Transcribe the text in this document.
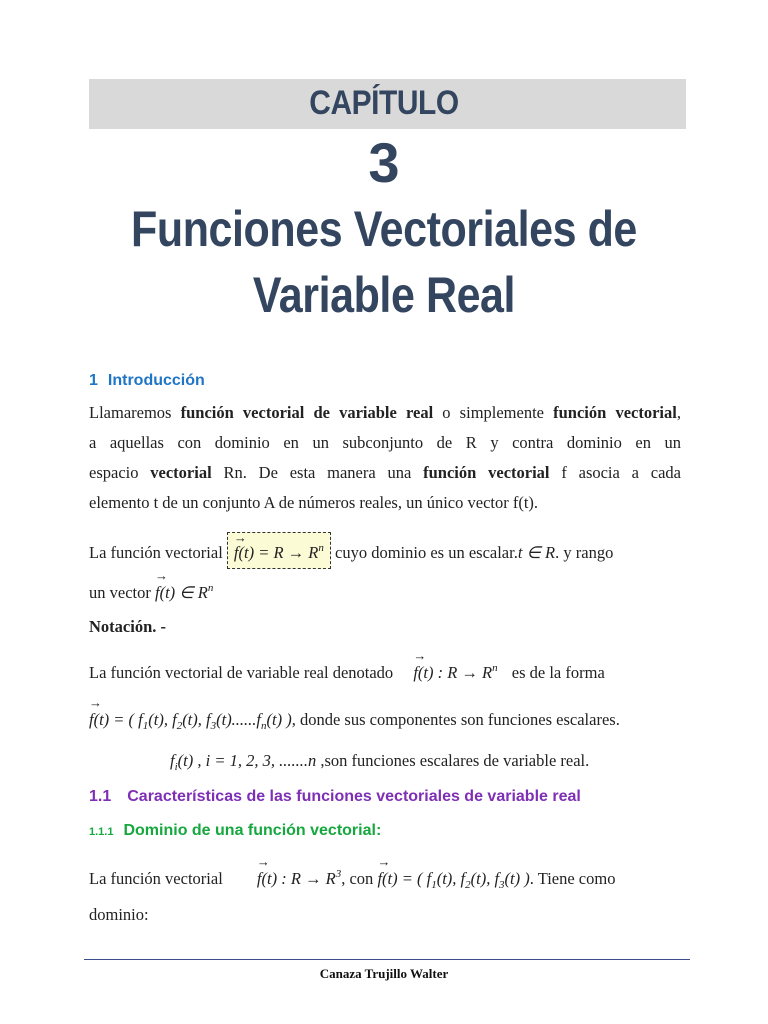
CAPÍTULO
3
Funciones Vectoriales de
Variable Real
1 Introducción
Llamaremos función vectorial de variable real o simplemente función vectorial,
a aquellas con dominio en un subconjunto de R y contra dominio en un
espacio vectorial Rn. De esta manera una función vectorial f asocia a cada
elemento t de un conjunto A de números reales, un único vector f(t).
La función vectorial → $f(t) = R \to R^n$ cuyo dominio es un escalar.t ∈ R. y rango
un vector → f(t) ∈ $R^n$
Notación. -
La función vectorial de variable real denotado → f(t) : $R \to R^n$ es de la forma
→ f(t) = ( $f_1(t)$, $f_2(t)$, $f_3(t)......f_n(t)$ ), donde sus componentes son funciones escalares.
$f_i(t)$ , i = 1, 2, 3, .......n ,son funciones escalares de variable real.
1.1 Características de las funciones vectoriales de variable real
1.1.1 Dominio de una función vectorial:
La función vectorial → f(t) : $R \to R^3$, con → f(t) = ( $f_1(t)$, $f_2(t)$, $f_3(t)$ ). Tiene como
dominio:
Canaza Trujillo Walter
